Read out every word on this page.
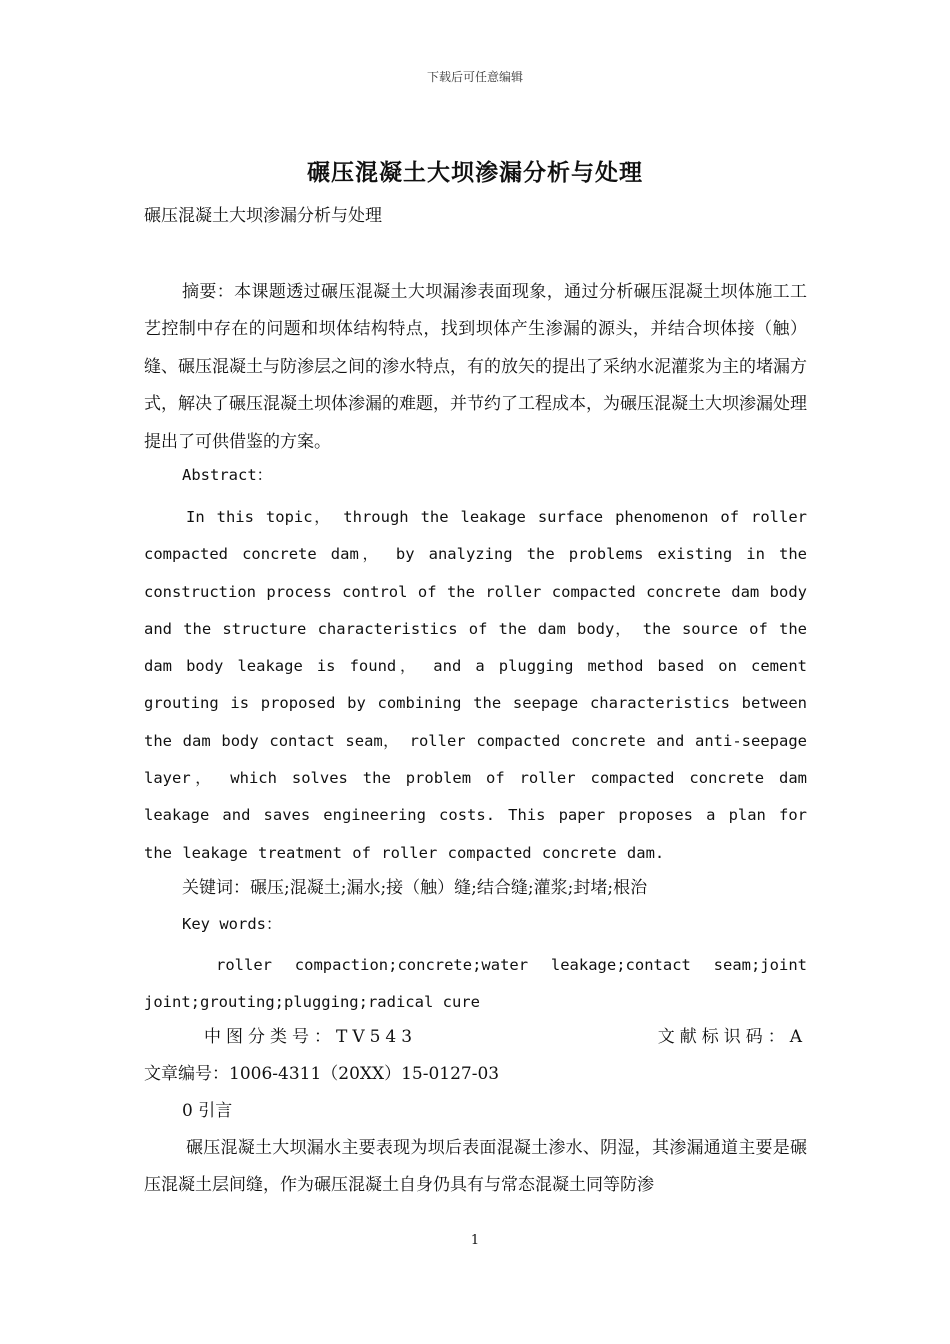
下载后可任意编辑
碾压混凝土大坝渗漏分析与处理
碾压混凝土大坝渗漏分析与处理
摘要：本课题透过碾压混凝土大坝漏渗表面现象，通过分析碾压混凝土坝体施工工艺控制中存在的问题和坝体结构特点，找到坝体产生渗漏的源头，并结合坝体接（触）缝、碾压混凝土与防渗层之间的渗水特点，有的放矢的提出了采纳水泥灌浆为主的堵漏方式，解决了碾压混凝土坝体渗漏的难题，并节约了工程成本，为碾压混凝土大坝渗漏处理提出了可供借鉴的方案。
Abstract：
In this topic， through the leakage surface phenomenon of roller compacted concrete dam， by analyzing the problems existing in the construction process control of the roller compacted concrete dam body and the structure characteristics of the dam body， the source of the dam body leakage is found， and a plugging method based on cement grouting is proposed by combining the seepage characteristics between the dam body contact seam， roller compacted concrete and anti-seepage layer， which solves the problem of roller compacted concrete dam leakage and saves engineering costs. This paper proposes a plan for the leakage treatment of roller compacted concrete dam.
关键词：碾压;混凝土;漏水;接（触）缝;结合缝;灌浆;封堵;根治
Key words：
roller compaction;concrete;water leakage;contact seam;joint joint;grouting;plugging;radical cure
中图分类号：TV543	文献标识码：A
文章编号：1006-4311（20XX）15-0127-03
0 引言
碾压混凝土大坝漏水主要表现为坝后表面混凝土渗水、阴湿，其渗漏通道主要是碾压混凝土层间缝，作为碾压混凝土自身仍具有与常态混凝土同等防渗
1
